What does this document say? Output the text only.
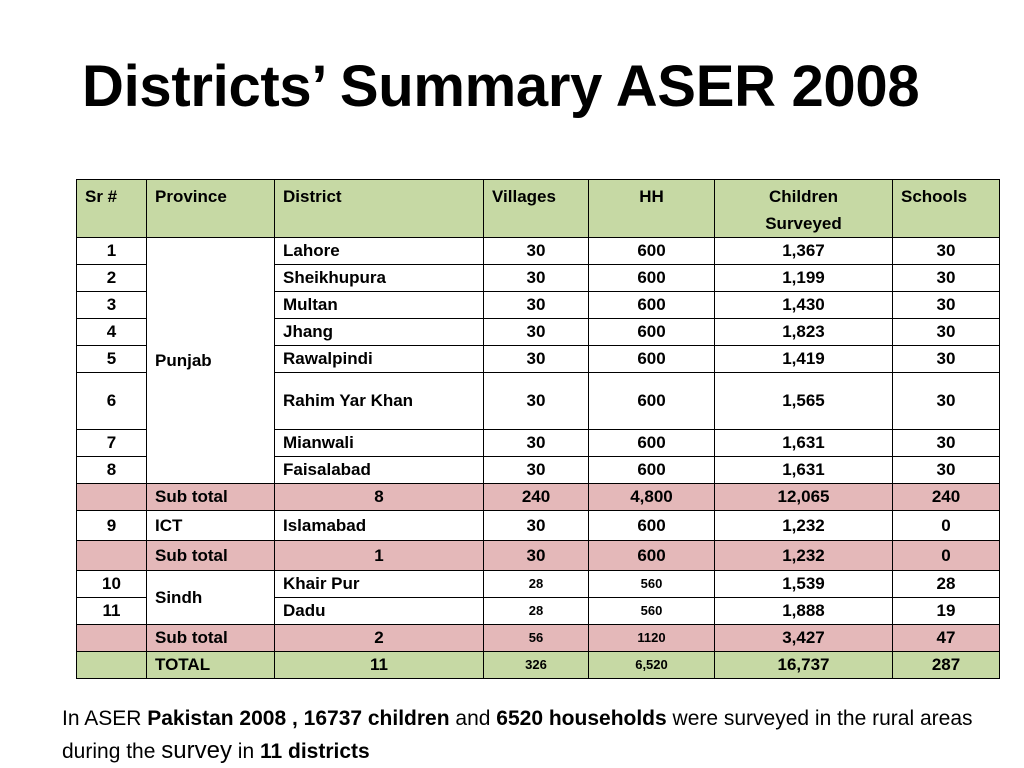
Districts’ Summary ASER 2008
Sr #	Province	District	Villages	HH	Children Surveyed	Schools
1	Punjab	Lahore	30	600	1,367	30
2		Sheikhupura	30	600	1,199	30
3		Multan	30	600	1,430	30
4		Jhang	30	600	1,823	30
5		Rawalpindi	30	600	1,419	30
6		Rahim Yar Khan	30	600	1,565	30
7		Mianwali	30	600	1,631	30
8		Faisalabad	30	600	1,631	30
	Sub total	8	240	4,800	12,065	240
9	ICT	Islamabad	30	600	1,232	0
	Sub total	1	30	600	1,232	0
10	Sindh	Khair Pur	28	560	1,539	28
11		Dadu	28	560	1,888	19
	Sub total	2	56	1120	3,427	47
	TOTAL	11	326	6,520	16,737	287
In ASER Pakistan 2008 , 16737 children and 6520 households were surveyed in the rural areas during the survey in 11 districts
